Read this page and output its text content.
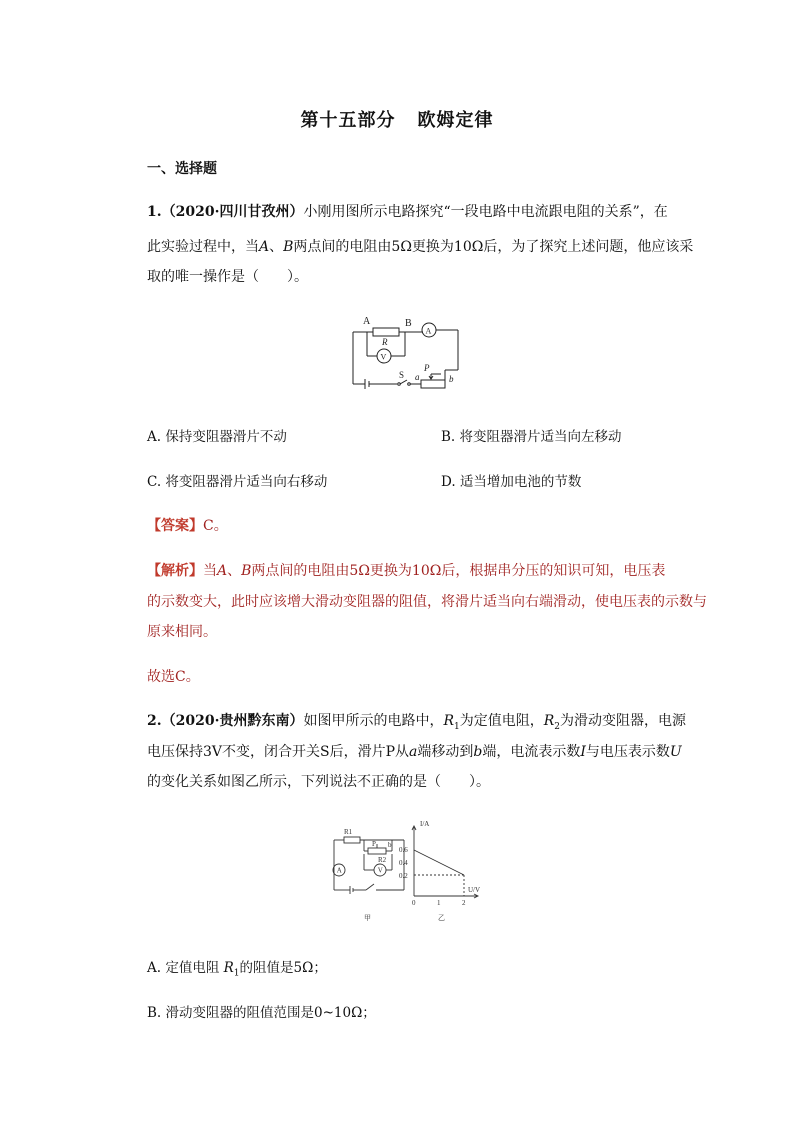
第十五部分 欧姆定律
一、选择题
1.（2020·四川甘孜州）小刚用图所示电路探究“一段电路中电流跟电阻的关系”，在
此实验过程中，当A、B两点间的电阻由5Ω更换为10Ω后，为了探究上述问题，他应该采
取的唯一操作是（　　）。
A	B
A
R
V
S
P
a	b
A. 保持变阻器滑片不动	B. 将变阻器滑片适当向左移动
C. 将变阻器滑片适当向右移动	D. 适当增加电池的节数
【答案】C。
【解析】当A、B两点间的电阻由5Ω更换为10Ω后，根据串分压的知识可知，电压表
的示数变大，此时应该增大滑动变阻器的阻值，将滑片适当向右端滑动，使电压表的示数与
原来相同。
故选C。
2.（2020·贵州黔东南）如图甲所示的电路中，$R_1$为定值电阻，$R_2$为滑动变阻器，电源
电压保持3V不变，闭合开关S后，滑片P从a端移动到b端，电流表示数I与电压表示数U
的变化关系如图乙所示，下列说法不正确的是（　　）。
R1
R2
P b
A	V
I/A
U/V
0.6
0.4
0.2
0	1	2
甲	乙
A. 定值电阻 $R_1$的阻值是5Ω；
B. 滑动变阻器的阻值范围是0~10Ω；
